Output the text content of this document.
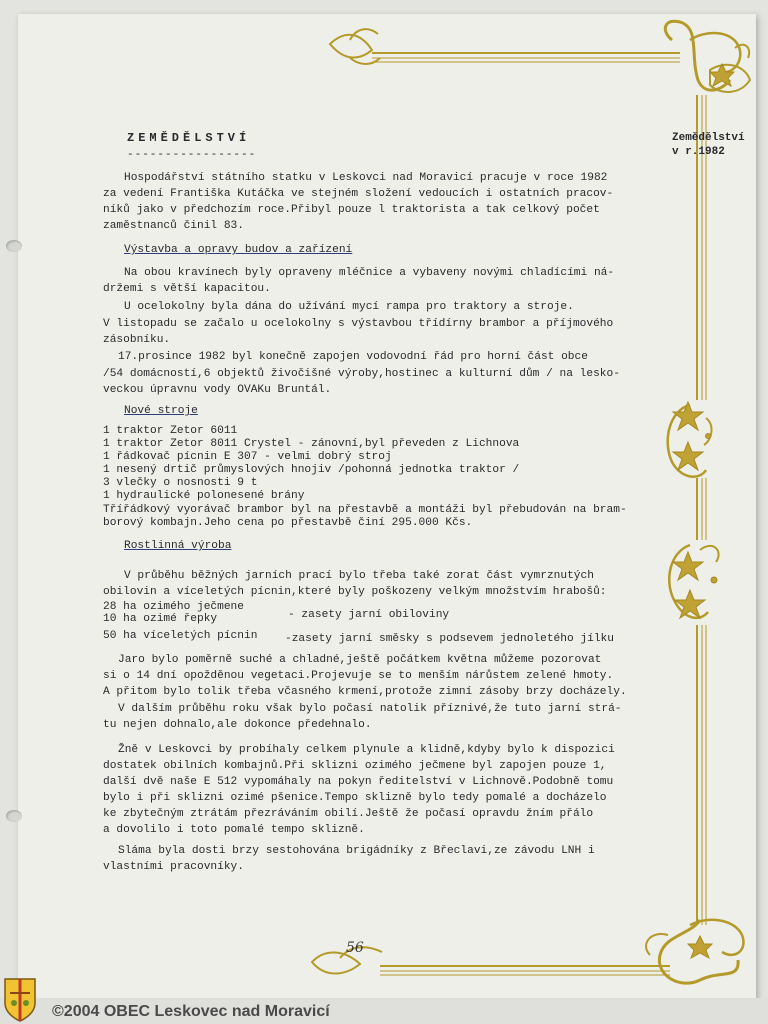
Zemědělství
v r.1982
ZEMĚDĚLSTVÍ
-----------------
Hospodářství státního statku v Leskovci nad Moravicí pracuje v roce 1982
za vedení Františka Kutáčka ve stejném složení vedoucích i ostatních pracov-
níků jako v předchozím roce.Přibyl pouze l traktorista a tak celkový počet
zaměstnanců činil 83.
Výstavba a opravy budov a zařízení
Na obou kravínech byly opraveny mléčnice a vybaveny novými chladícími ná-
držemi s větší kapacitou.
U ocelokolny byla dána do užívání mycí rampa pro traktory a stroje.
V listopadu se začalo u ocelokolny s výstavbou třídírny brambor a příjmového
zásobníku.
17.prosince 1982 byl konečně zapojen vodovodní řád pro horní část obce
/54 domácností,6 objektů živočišné výroby,hostinec a kulturní dům / na lesko-
veckou úpravnu vody OVAKu Bruntál.
Nové stroje
1 traktor Zetor 6011
1 traktor Zetor 8011 Crystel - zánovní,byl převeden z Lichnova
1 řádkovač pícnin E 307 - velmi dobrý stroj
1 nesený drtič průmyslových hnojiv /pohonná jednotka traktor /
3 vlečky o nosnosti 9 t
1 hydraulické polonesené brány
Třířádkový vyorávač brambor byl na přestavbě a montáži byl přebudován na bram-
borový kombajn.Jeho cena po přestavbě činí 295.000 Kčs.
Rostlinná výroba
V průběhu běžných jarních prací bylo třeba také zorat část vymrznutých
obilovin a víceletých pícnin,které byly poškozeny velkým množstvím hrabošů:
28 ha ozimého ječmene
- zasety jarní obiloviny
10 ha ozimé řepky
50 ha víceletých pícnin -zasety jarní směsky s podsevem jednoletého jílku
Jaro bylo poměrně suché a chladné,ještě počátkem května můžeme pozorovat
si o 14 dní opožděnou vegetaci.Projevuje se to menším nárůstem zelené hmoty.
A přitom bylo tolik třeba včasného krmení,protože zimní zásoby brzy docházely.
V dalším průběhu roku však bylo počasí natolik příznivé,že tuto jarní strá-
tu nejen dohnalo,ale dokonce předehnalo.
Žně v Leskovci by probíhaly celkem plynule a klidně,kdyby bylo k dispozici
dostatek obilních kombajnů.Při sklizni ozimého ječmene byl zapojen pouze 1,
další dvě naše E 512 vypomáhaly na pokyn ředitelství v Lichnově.Podobně tomu
bylo i při sklizni ozimé pšenice.Tempo sklizně bylo tedy pomalé a docházelo
ke zbytečným ztrátám přezráváním obilí.Ještě že počasí opravdu žním přálo
a dovolilo i toto pomalé tempo sklizně.
Sláma byla dosti brzy sestohována brigádníky z Břeclavi,ze závodu LNH i
vlastními pracovníky.
56
©2004 OBEC Leskovec nad Moravicí
